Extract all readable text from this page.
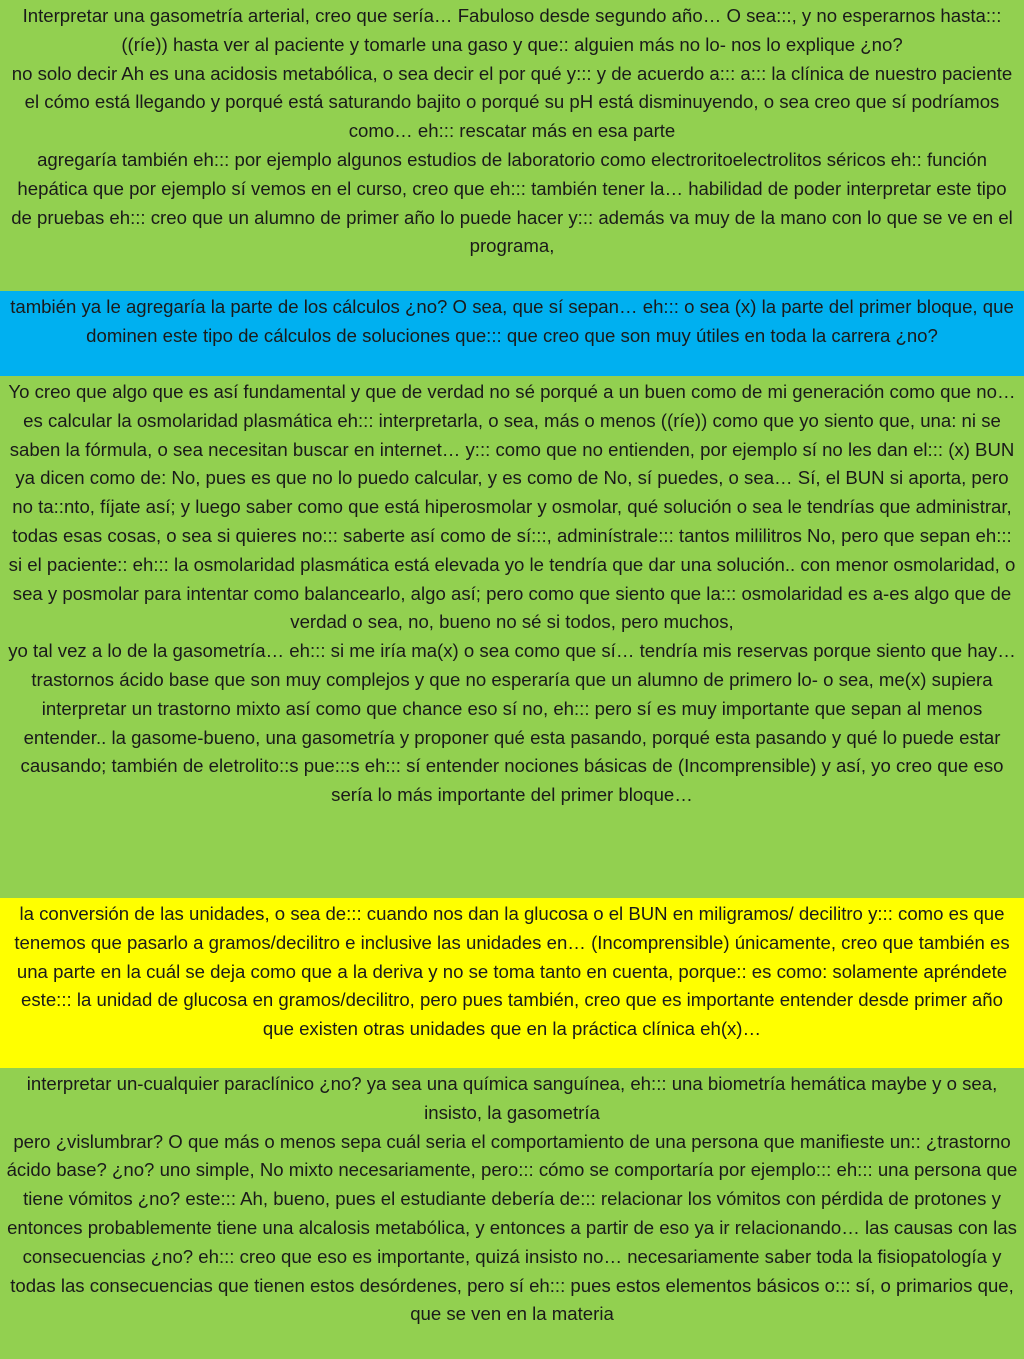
Interpretar una gasometría arterial, creo que sería… Fabuloso desde segundo año… O sea:::, y no esperarnos hasta::: ((ríe)) hasta ver al paciente y tomarle una gaso y que:: alguien más no lo- nos lo explique ¿no?

no solo decir Ah es una acidosis metabólica, o sea decir el por qué y::: y de acuerdo a::: a::: la clínica de nuestro paciente el cómo está llegando y porqué está saturando bajito o porqué su pH está disminuyendo, o sea creo que sí podríamos como… eh::: rescatar más en esa parte

agregaría también eh::: por ejemplo algunos estudios de laboratorio como electroritoelectrolitos séricos eh:: función hepática que por ejemplo sí vemos en el curso, creo que eh::: también tener la… habilidad de poder interpretar este tipo de pruebas eh::: creo que un alumno de primer año lo puede hacer y::: además va muy de la mano con lo que se ve en el programa,

también ya le agregaría la parte de los cálculos ¿no? O sea, que sí sepan… eh::: o sea (x) la parte del primer bloque, que dominen este tipo de cálculos de soluciones que::: que creo que son muy útiles en toda la carrera ¿no?

Yo creo que algo que es así fundamental y que de verdad no sé porqué a un buen como de mi generación como que no… es calcular la osmolaridad plasmática eh::: interpretarla, o sea, más o menos ((ríe)) como que yo siento que, una: ni se saben la fórmula, o sea necesitan buscar en internet… y::: como que no entienden, por ejemplo sí no les dan el::: (x) BUN ya dicen como de: No, pues es que no lo puedo calcular, y es como de No, sí puedes, o sea… Sí, el BUN si aporta, pero no ta::nto, fíjate así; y luego saber como que está hiperosmolar y osmolar, qué solución o sea le tendrías que administrar, todas esas cosas, o sea si quieres no::: saberte así como de sí:::, adminístrale::: tantos mililitros No, pero que sepan eh::: si el paciente:: eh::: la osmolaridad plasmática está elevada yo le tendría que dar una solución.. con menor osmolaridad, o sea y posmolar para intentar como balancearlo, algo así; pero como que siento que la::: osmolaridad es a-es algo que de verdad o sea, no, bueno no sé si todos, pero muchos,

yo tal vez a lo de la gasometría… eh::: si me iría ma(x) o sea como que sí… tendría mis reservas porque siento que hay… trastornos ácido base que son muy complejos y que no esperaría que un alumno de primero lo- o sea, me(x) supiera interpretar un trastorno mixto así como que chance eso sí no, eh::: pero sí es muy importante que sepan al menos entender.. la gasome-bueno, una gasometría y proponer qué esta pasando, porqué esta pasando y qué lo puede estar causando; también de eletrolito::s pue:::s eh::: sí entender nociones básicas de (Incomprensible) y así, yo creo que eso sería lo más importante del primer bloque…

la conversión de las unidades, o sea de::: cuando nos dan la glucosa o el BUN en miligramos/ decilitro y::: como es que tenemos que pasarlo a gramos/decilitro e inclusive las unidades en… (Incomprensible) únicamente, creo que también es una parte en la cuál se deja como que a la deriva y no se toma tanto en cuenta, porque:: es como: solamente apréndete este::: la unidad de glucosa en gramos/decilitro, pero pues también, creo que es importante entender desde primer año que existen otras unidades que en la práctica clínica eh(x)…

interpretar un-cualquier paraclínico ¿no? ya sea una química sanguínea, eh::: una biometría hemática maybe y o sea, insisto, la gasometría

pero ¿vislumbrar? O que más o menos sepa cuál seria el comportamiento de una persona que manifieste un:: ¿trastorno ácido base? ¿no? uno simple, No mixto necesariamente, pero::: cómo se comportaría por ejemplo::: eh::: una persona que tiene vómitos ¿no? este::: Ah, bueno, pues el estudiante debería de::: relacionar los vómitos con pérdida de protones y entonces probablemente tiene una alcalosis metabólica, y entonces a partir de eso ya ir relacionando… las causas con las consecuencias ¿no? eh::: creo que eso es importante, quizá insisto no… necesariamente saber toda la fisiopatología y todas las consecuencias que tienen estos desórdenes, pero sí eh::: pues estos elementos básicos o::: sí, o primarios que, que se ven en la materia
